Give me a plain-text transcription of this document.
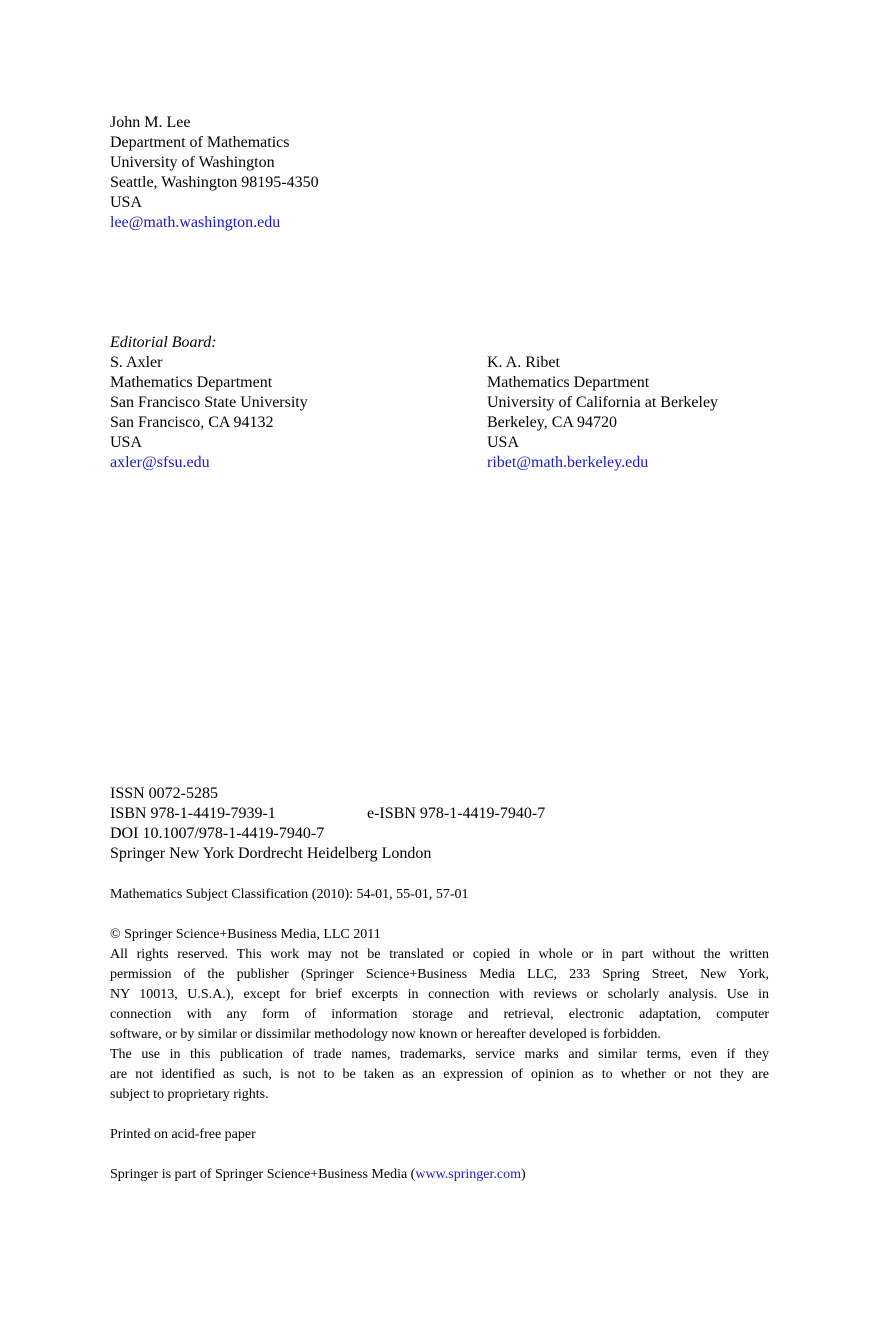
John M. Lee
Department of Mathematics
University of Washington
Seattle, Washington 98195-4350
USA
lee@math.washington.edu
Editorial Board:
S. Axler
Mathematics Department
San Francisco State University
San Francisco, CA 94132
USA
axler@sfsu.edu
K. A. Ribet
Mathematics Department
University of California at Berkeley
Berkeley, CA 94720
USA
ribet@math.berkeley.edu
ISSN 0072-5285
ISBN 978-1-4419-7939-1	e-ISBN 978-1-4419-7940-7
DOI 10.1007/978-1-4419-7940-7
Springer New York Dordrecht Heidelberg London
Mathematics Subject Classification (2010): 54-01, 55-01, 57-01
© Springer Science+Business Media, LLC 2011
All rights reserved. This work may not be translated or copied in whole or in part without the written
permission of the publisher (Springer Science+Business Media LLC, 233 Spring Street, New York,
NY 10013, U.S.A.), except for brief excerpts in connection with reviews or scholarly analysis. Use in
connection with any form of information storage and retrieval, electronic adaptation, computer
software, or by similar or dissimilar methodology now known or hereafter developed is forbidden.
The use in this publication of trade names, trademarks, service marks and similar terms, even if they
are not identified as such, is not to be taken as an expression of opinion as to whether or not they are
subject to proprietary rights.
Printed on acid-free paper
Springer is part of Springer Science+Business Media (www.springer.com)
